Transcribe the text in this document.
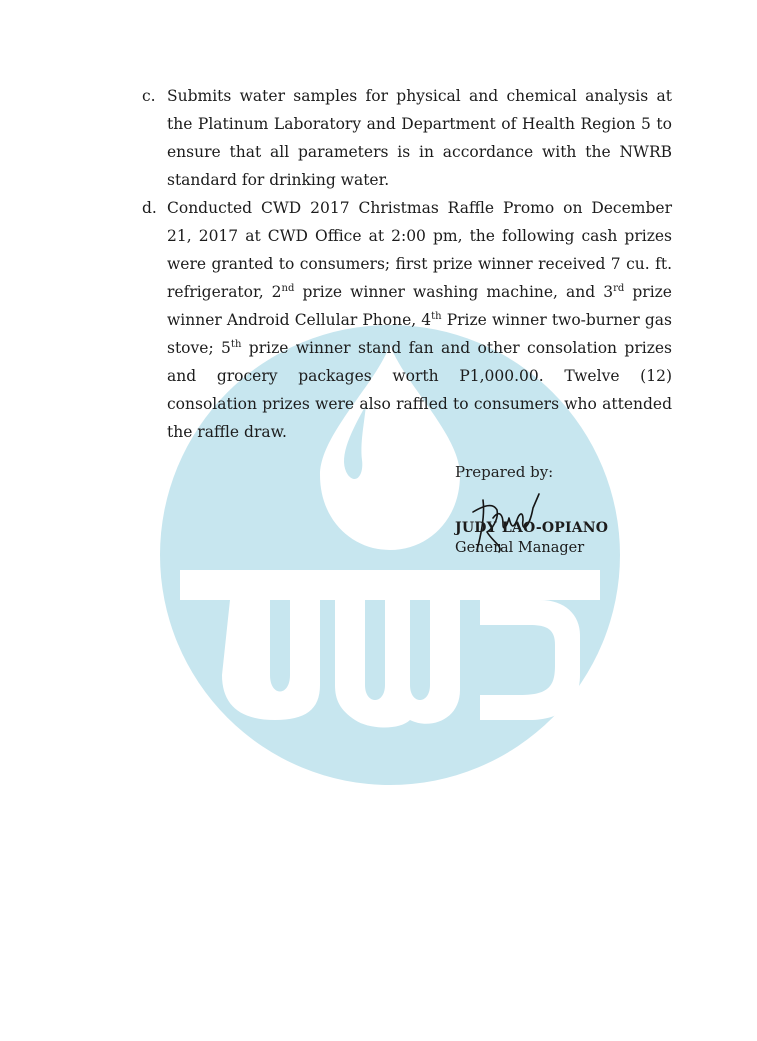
c. Submits water samples for physical and chemical analysis at the Platinum Laboratory and Department of Health Region 5 to ensure that all parameters is in accordance with the NWRB standard for drinking water.
d. Conducted CWD 2017 Christmas Raffle Promo on December 21, 2017 at CWD Office at 2:00 pm, the following cash prizes were granted to consumers; first prize winner received 7 cu. ft. refrigerator, 2nd prize winner washing machine, and 3rd prize winner Android Cellular Phone, 4th Prize winner two-burner gas stove; 5th prize winner stand fan and other consolation prizes and grocery packages worth P1,000.00. Twelve (12) consolation prizes were also raffled to consumers who attended the raffle draw.
Prepared by:
JUDY LAO-OPIANO
General Manager
